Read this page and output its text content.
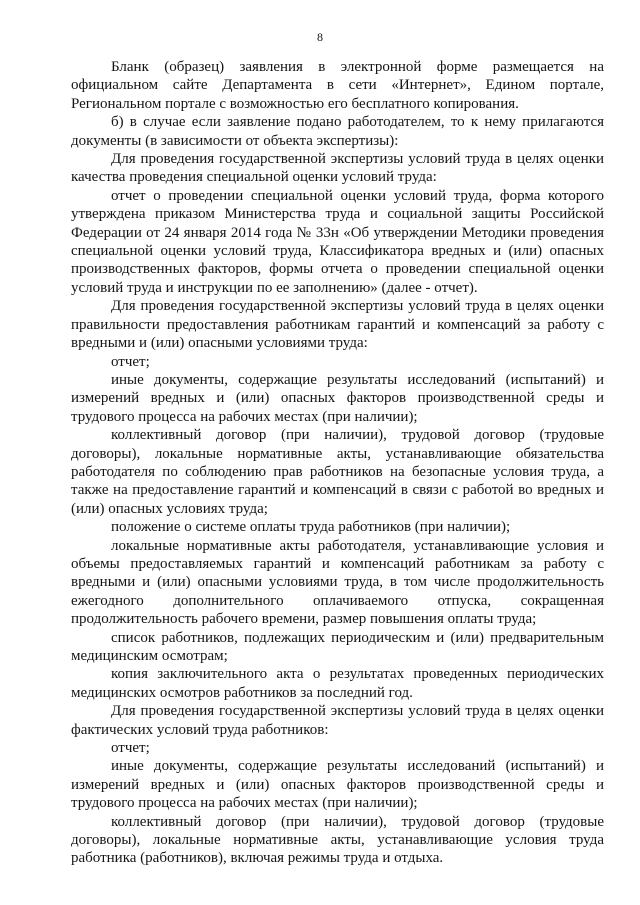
8

Бланк (образец) заявления в электронной форме размещается на официальном сайте Департамента в сети «Интернет», Едином портале, Региональном портале с возможностью его бесплатного копирования.

б) в случае если заявление подано работодателем, то к нему прилагаются документы (в зависимости от объекта экспертизы):

Для проведения государственной экспертизы условий труда в целях оценки качества проведения специальной оценки условий труда:

отчет о проведении специальной оценки условий труда, форма которого утверждена приказом Министерства труда и социальной защиты Российской Федерации от 24 января 2014 года № 33н «Об утверждении Методики проведения специальной оценки условий труда, Классификатора вредных и (или) опасных производственных факторов, формы отчета о проведении специальной оценки условий труда и инструкции по ее заполнению» (далее - отчет).

Для проведения государственной экспертизы условий труда в целях оценки правильности предоставления работникам гарантий и компенсаций за работу с вредными и (или) опасными условиями труда:

отчет;

иные документы, содержащие результаты исследований (испытаний) и измерений вредных и (или) опасных факторов производственной среды и трудового процесса на рабочих местах (при наличии);

коллективный договор (при наличии), трудовой договор (трудовые договоры), локальные нормативные акты, устанавливающие обязательства работодателя по соблюдению прав работников на безопасные условия труда, а также на предоставление гарантий и компенсаций в связи с работой во вредных и (или) опасных условиях труда;

положение о системе оплаты труда работников (при наличии);

локальные нормативные акты работодателя, устанавливающие условия и объемы предоставляемых гарантий и компенсаций работникам за работу с вредными и (или) опасными условиями труда, в том числе продолжительность ежегодного дополнительного оплачиваемого отпуска, сокращенная продолжительность рабочего времени, размер повышения оплаты труда;

список работников, подлежащих периодическим и (или) предварительным медицинским осмотрам;

копия заключительного акта о результатах проведенных периодических медицинских осмотров работников за последний год.

Для проведения государственной экспертизы условий труда в целях оценки фактических условий труда работников:

отчет;

иные документы, содержащие результаты исследований (испытаний) и измерений вредных и (или) опасных факторов производственной среды и трудового процесса на рабочих местах (при наличии);

коллективный договор (при наличии), трудовой договор (трудовые договоры), локальные нормативные акты, устанавливающие условия труда работника (работников), включая режимы труда и отдыха.
